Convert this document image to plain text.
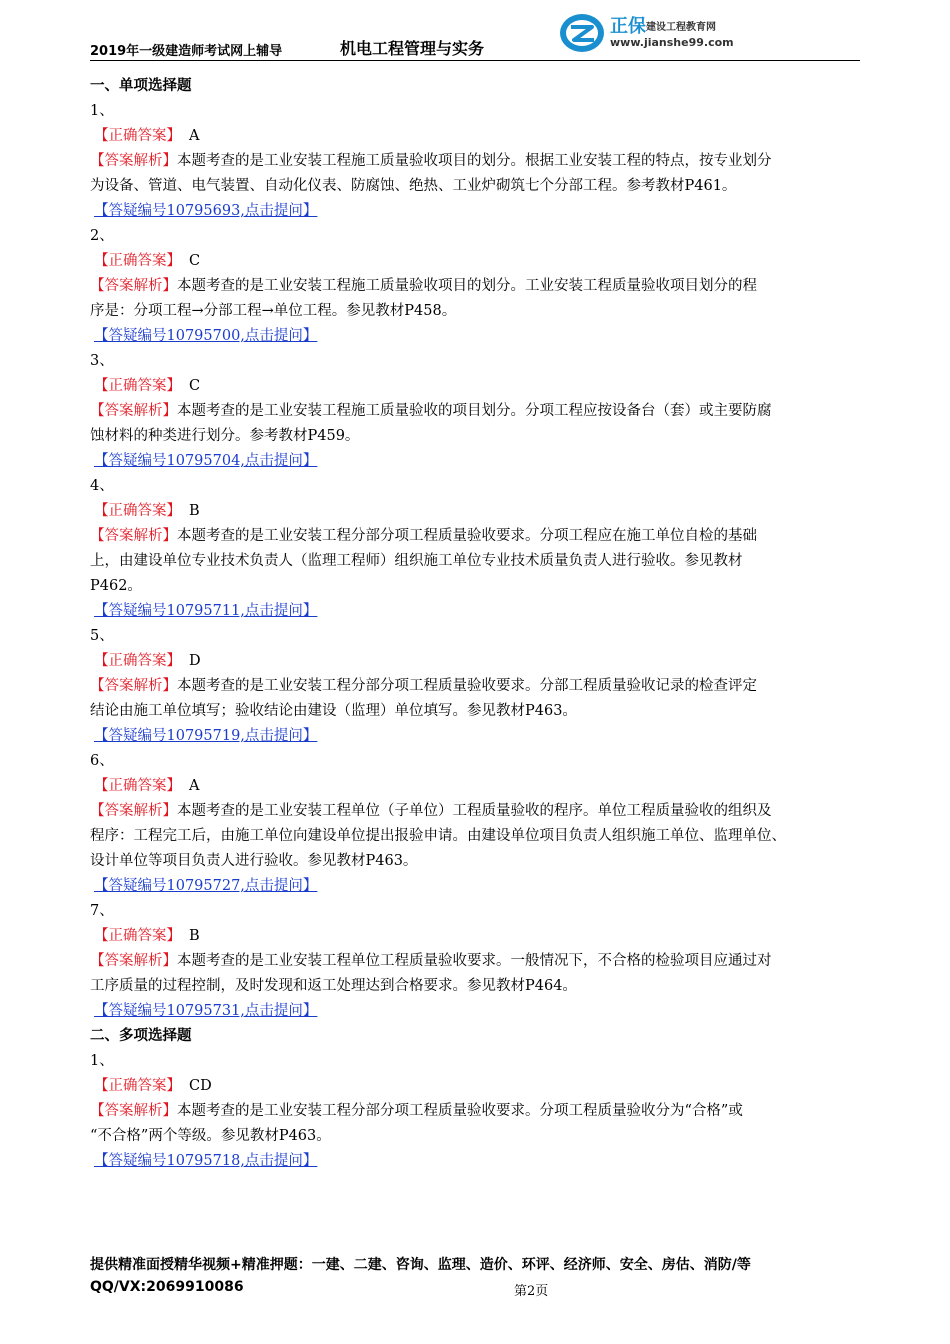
2019年一级建造师考试网上辅导	机电工程管理与实务
正保 建设工程教育网
www.jianshe99.com
一、单项选择题
1、
【正确答案】 A
【答案解析】本题考查的是工业安装工程施工质量验收项目的划分。根据工业安装工程的特点，按专业划分
为设备、管道、电气装置、自动化仪表、防腐蚀、绝热、工业炉砌筑七个分部工程。参考教材P461。
【答疑编号10795693,点击提问】
2、
【正确答案】 C
【答案解析】本题考查的是工业安装工程施工质量验收项目的划分。工业安装工程质量验收项目划分的程
序是：分项工程→分部工程→单位工程。参见教材P458。
【答疑编号10795700,点击提问】
3、
【正确答案】 C
【答案解析】本题考查的是工业安装工程施工质量验收的项目划分。分项工程应按设备台（套）或主要防腐
蚀材料的种类进行划分。参考教材P459。
【答疑编号10795704,点击提问】
4、
【正确答案】 B
【答案解析】本题考查的是工业安装工程分部分项工程质量验收要求。分项工程应在施工单位自检的基础
上，由建设单位专业技术负责人（监理工程师）组织施工单位专业技术质量负责人进行验收。参见教材
P462。
【答疑编号10795711,点击提问】
5、
【正确答案】 D
【答案解析】本题考查的是工业安装工程分部分项工程质量验收要求。分部工程质量验收记录的检查评定
结论由施工单位填写；验收结论由建设（监理）单位填写。参见教材P463。
【答疑编号10795719,点击提问】
6、
【正确答案】 A
【答案解析】本题考查的是工业安装工程单位（子单位）工程质量验收的程序。单位工程质量验收的组织及
程序：工程完工后，由施工单位向建设单位提出报验申请。由建设单位项目负责人组织施工单位、监理单位、
设计单位等项目负责人进行验收。参见教材P463。
【答疑编号10795727,点击提问】
7、
【正确答案】 B
【答案解析】本题考查的是工业安装工程单位工程质量验收要求。一般情况下，不合格的检验项目应通过对
工序质量的过程控制，及时发现和返工处理达到合格要求。参见教材P464。
【答疑编号10795731,点击提问】
二、多项选择题
1、
【正确答案】 CD
【答案解析】本题考查的是工业安装工程分部分项工程质量验收要求。分项工程质量验收分为“合格”或
“不合格”两个等级。参见教材P463。
【答疑编号10795718,点击提问】
提供精准面授精华视频+精准押题：一建、二建、咨询、监理、造价、环评、经济师、安全、房估、消防/等
QQ/VX:2069910086	第2页
